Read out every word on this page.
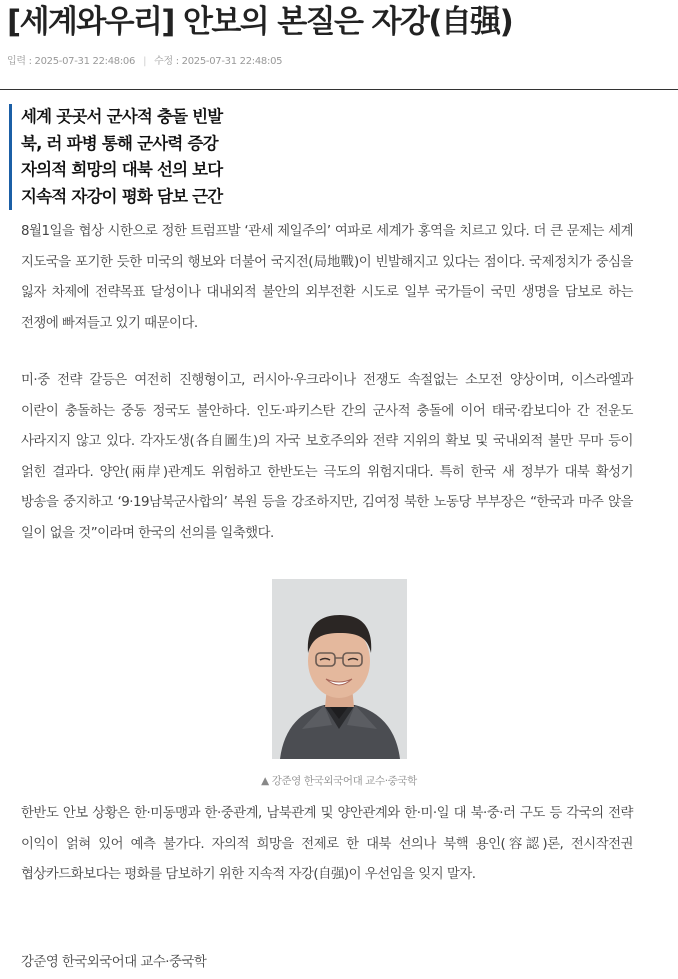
[세계와우리] 안보의 본질은 자강(自强)
입력 : 2025-07-31 22:48:06 | 수정 : 2025-07-31 22:48:05
세계 곳곳서 군사적 충돌 빈발
북, 러 파병 통해 군사력 증강
자의적 희망의 대북 선의 보다
지속적 자강이 평화 담보 근간
8월1일을 협상 시한으로 정한 트럼프발 ‘관세 제일주의’ 여파로 세계가 홍역을 치르고 있다. 더 큰 문제는 세계 지도국을 포기한 듯한 미국의 행보와 더불어 국지전(局地戰)이 빈발해지고 있다는 점이다. 국제정치가 중심을 잃자 차제에 전략목표 달성이나 대내외적 불안의 외부전환 시도로 일부 국가들이 국민 생명을 담보로 하는 전쟁에 빠져들고 있기 때문이다.
미·중 전략 갈등은 여전히 진행형이고, 러시아·우크라이나 전쟁도 속절없는 소모전 양상이며, 이스라엘과 이란이 충돌하는 중동 정국도 불안하다. 인도·파키스탄 간의 군사적 충돌에 이어 태국·캄보디아 간 전운도 사라지지 않고 있다. 각자도생(各自圖生)의 자국 보호주의와 전략 지위의 확보 및 국내외적 불만 무마 등이 얽힌 결과다. 양안(兩岸)관계도 위험하고 한반도는 극도의 위험지대다. 특히 한국 새 정부가 대북 확성기 방송을 중지하고 ‘9·19남북군사합의’ 복원 등을 강조하지만, 김여정 북한 노동당 부부장은 “한국과 마주 앉을 일이 없을 것”이라며 한국의 선의를 일축했다.
▲ 강준영 한국외국어대 교수·중국학
한반도 안보 상황은 한·미동맹과 한·중관계, 남북관계 및 양안관계와 한·미·일 대 북·중·러 구도 등 각국의 전략 이익이 얽혀 있어 예측 불가다. 자의적 희망을 전제로 한 대북 선의나 북핵 용인(容認)론, 전시작전권 협상카드화보다는 평화를 담보하기 위한 지속적 자강(自强)이 우선임을 잊지 말자.
강준영 한국외국어대 교수·중국학
